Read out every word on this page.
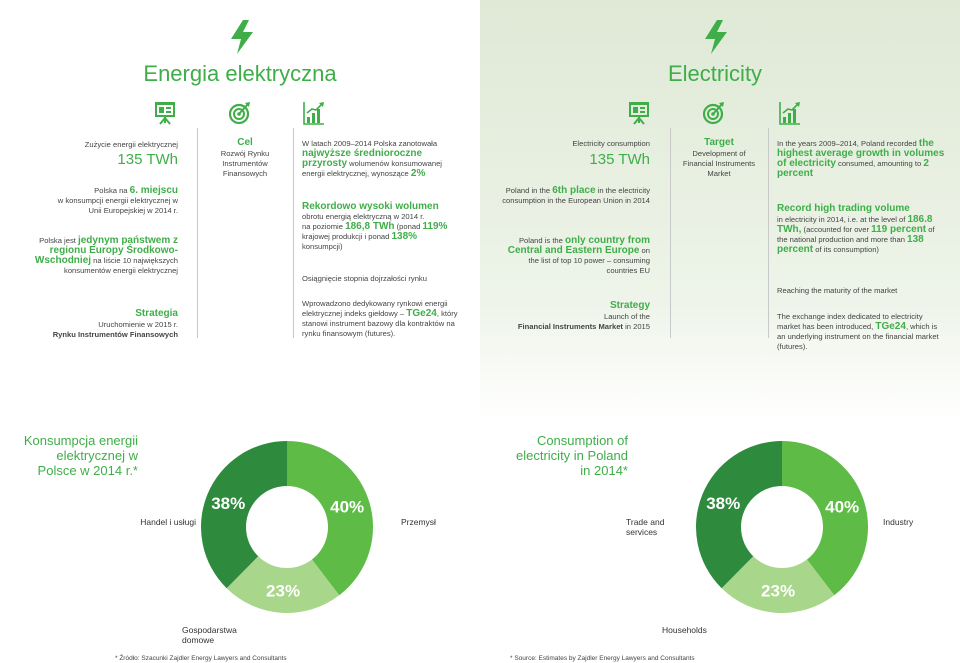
Energia elektryczna
Zużycie energii elektrycznej
135 TWh
Polska na 6. miejscu
w konsumpcji energii elektrycznej w Unii Europejskiej w 2014 r.
Polska jest jedynym państwem z regionu Europy Środkowo-Wschodniej na liście 10 największych konsumentów energii elektrycznej
Strategia
Uruchomienie w 2015 r.
Rynku Instrumentów Finansowych
Cel
Rozwój Rynku Instrumentów Finansowych
W latach 2009–2014 Polska zanotowała
najwyższe średnioroczne przyrosty wolumenów konsumowanej energii elektrycznej, wynoszące 2%
Rekordowo wysoki wolumen
obrotu energią elektryczną w 2014 r.
na poziomie 186,8 TWh (ponad 119%
krajowej produkcji i ponad 138%
konsumpcji)
Osiągnięcie stopnia dojrzałości rynku
Wprowadzono dedykowany rynkowi energii elektrycznej indeks giełdowy – TGe24, który stanowi instrument bazowy dla kontraktów na rynku finansowym (futures).
Konsumpcja energii elektrycznej w Polsce w 2014 r.*
40%
23%
38%
Handel i usługi	Przemysł
Gospodarstwa domowe
* Źródło: Szacunki Zajdler Energy Lawyers and Consultants
Electricity
Electricity consumption
135 TWh
Poland in the 6th place in the electricity consumption in the European Union in 2014
Poland is the only country from Central and Eastern Europe on the list of top 10 power – consuming countries EU
Strategy
Launch of the
Financial Instruments Market in 2015
Target
Development of Financial Instruments Market
In the years 2009–2014, Poland recorded the highest average growth in volumes of electricity consumed, amounting to 2 percent
Record high trading volume
in electricity in 2014, i.e. at the level of 186.8 TWh, (accounted for over 119 percent of the national production and more than 138 percent of its consumption)
Reaching the maturity of the market
The exchange index dedicated to electricity market has been introduced, TGe24, which is an underlying instrument on the financial market (futures).
Consumption of electricity in Poland in 2014*
40%
23%
38%
Trade and services
Industry
Households
* Source: Estimates by Zajdler Energy Lawyers and Consultants
